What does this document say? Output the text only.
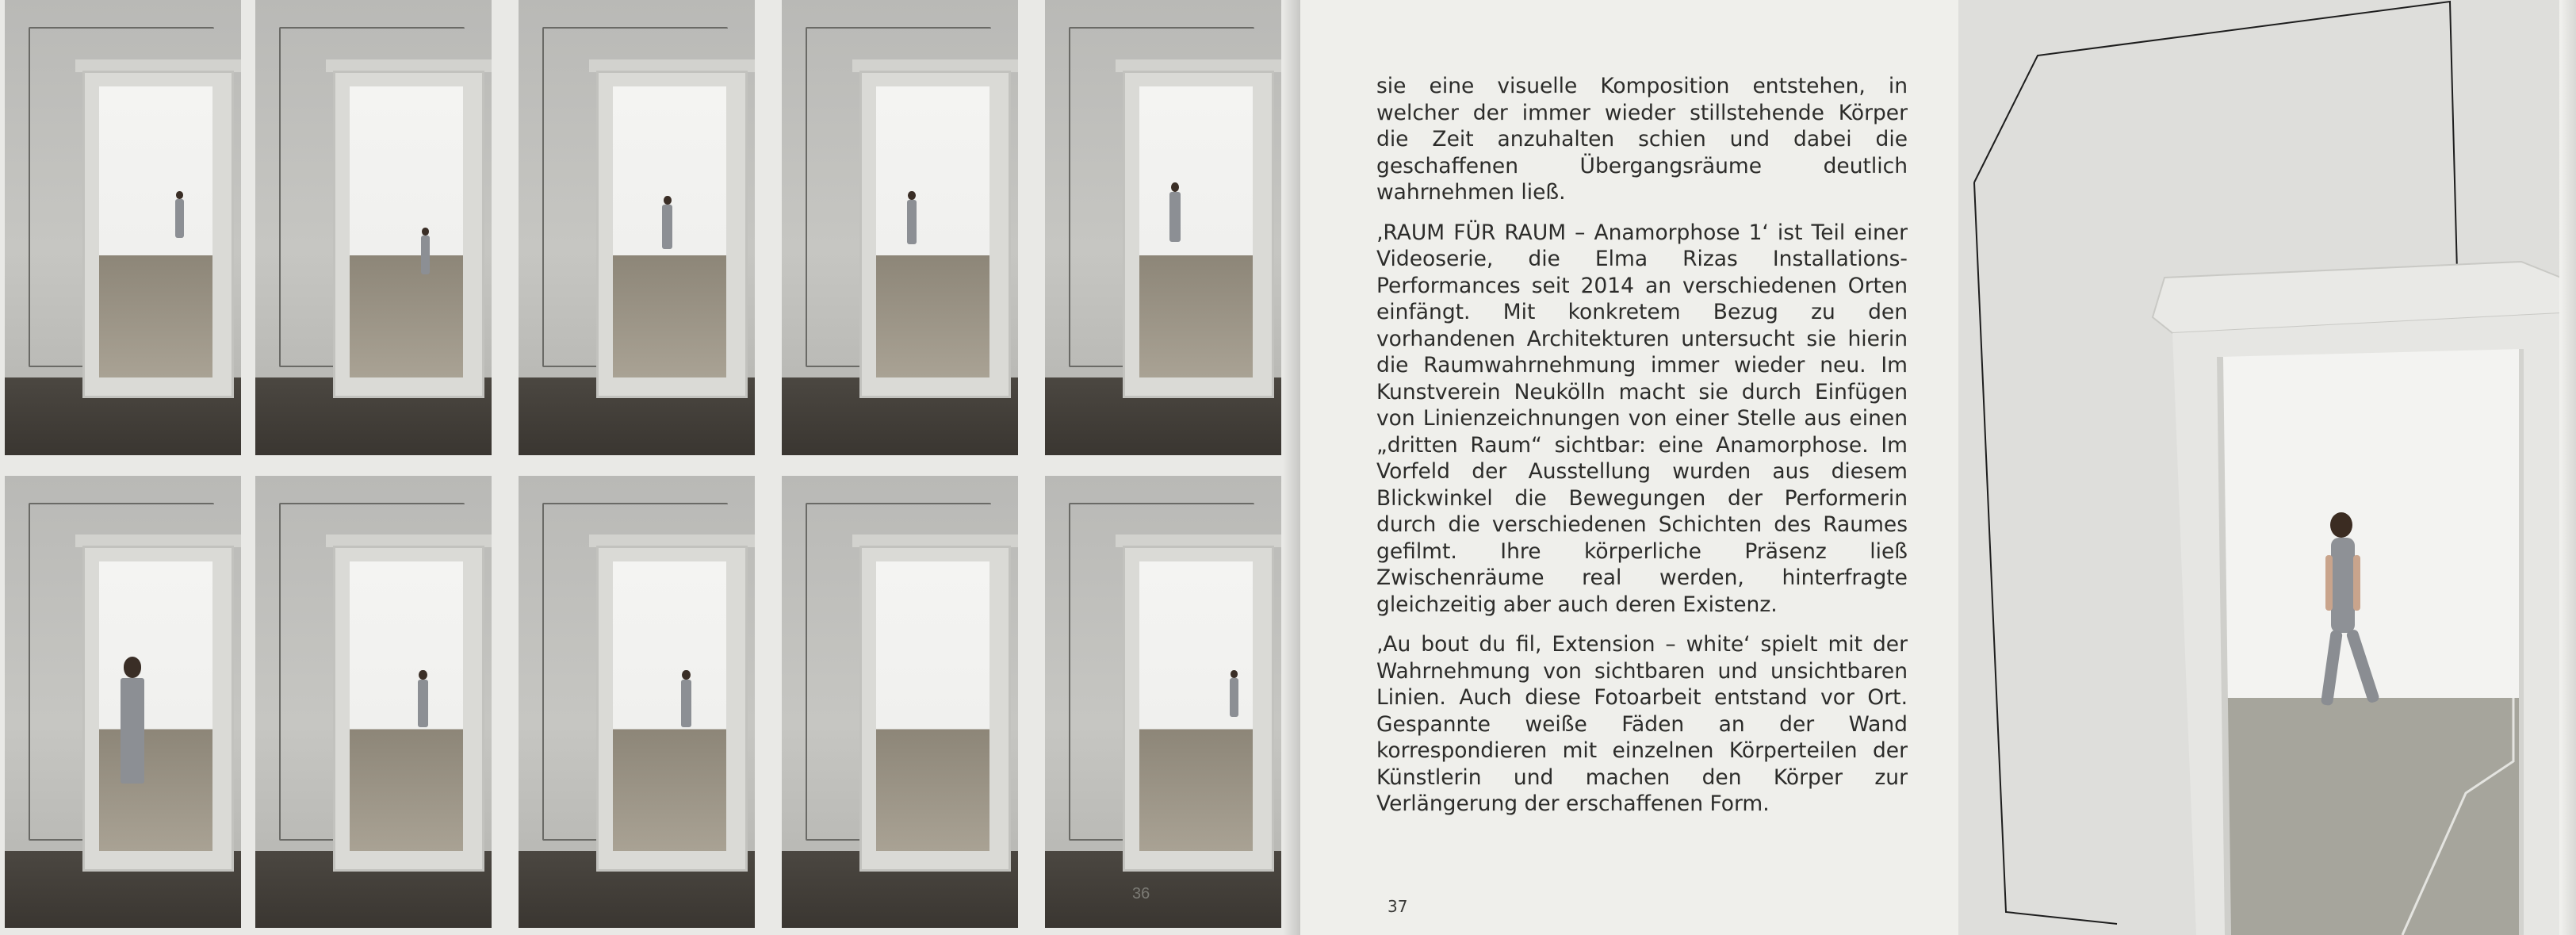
36

sie eine visuelle Komposition entstehen, in welcher der immer wieder stillstehende Körper die Zeit anzuhalten schien und dabei die geschaffenen Übergangsräume deutlich wahrnehmen ließ.

‚RAUM FÜR RAUM – Anamorphose 1‘ ist Teil einer Videoserie, die Elma Rizas Installations-Performances seit 2014 an verschiedenen Orten einfängt. Mit konkretem Bezug zu den vorhandenen Architekturen untersucht sie hierin die Raumwahrnehmung immer wieder neu. Im Kunstverein Neukölln macht sie durch Einfügen von Linienzeichnungen von einer Stelle aus einen „dritten Raum“ sichtbar: eine Anamorphose. Im Vorfeld der Ausstellung wurden aus diesem Blickwinkel die Bewegungen der Performerin durch die verschiedenen Schichten des Raumes gefilmt. Ihre körperliche Präsenz ließ Zwischenräume real werden, hinterfragte gleichzeitig aber auch deren Existenz.

‚Au bout du fil, Extension – white‘ spielt mit der Wahrnehmung von sichtbaren und unsichtbaren Linien. Auch diese Fotoarbeit entstand vor Ort. Gespannte weiße Fäden an der Wand korrespondieren mit einzelnen Körperteilen der Künstlerin und machen den Körper zur Verlängerung der erschaffenen Form.

37
